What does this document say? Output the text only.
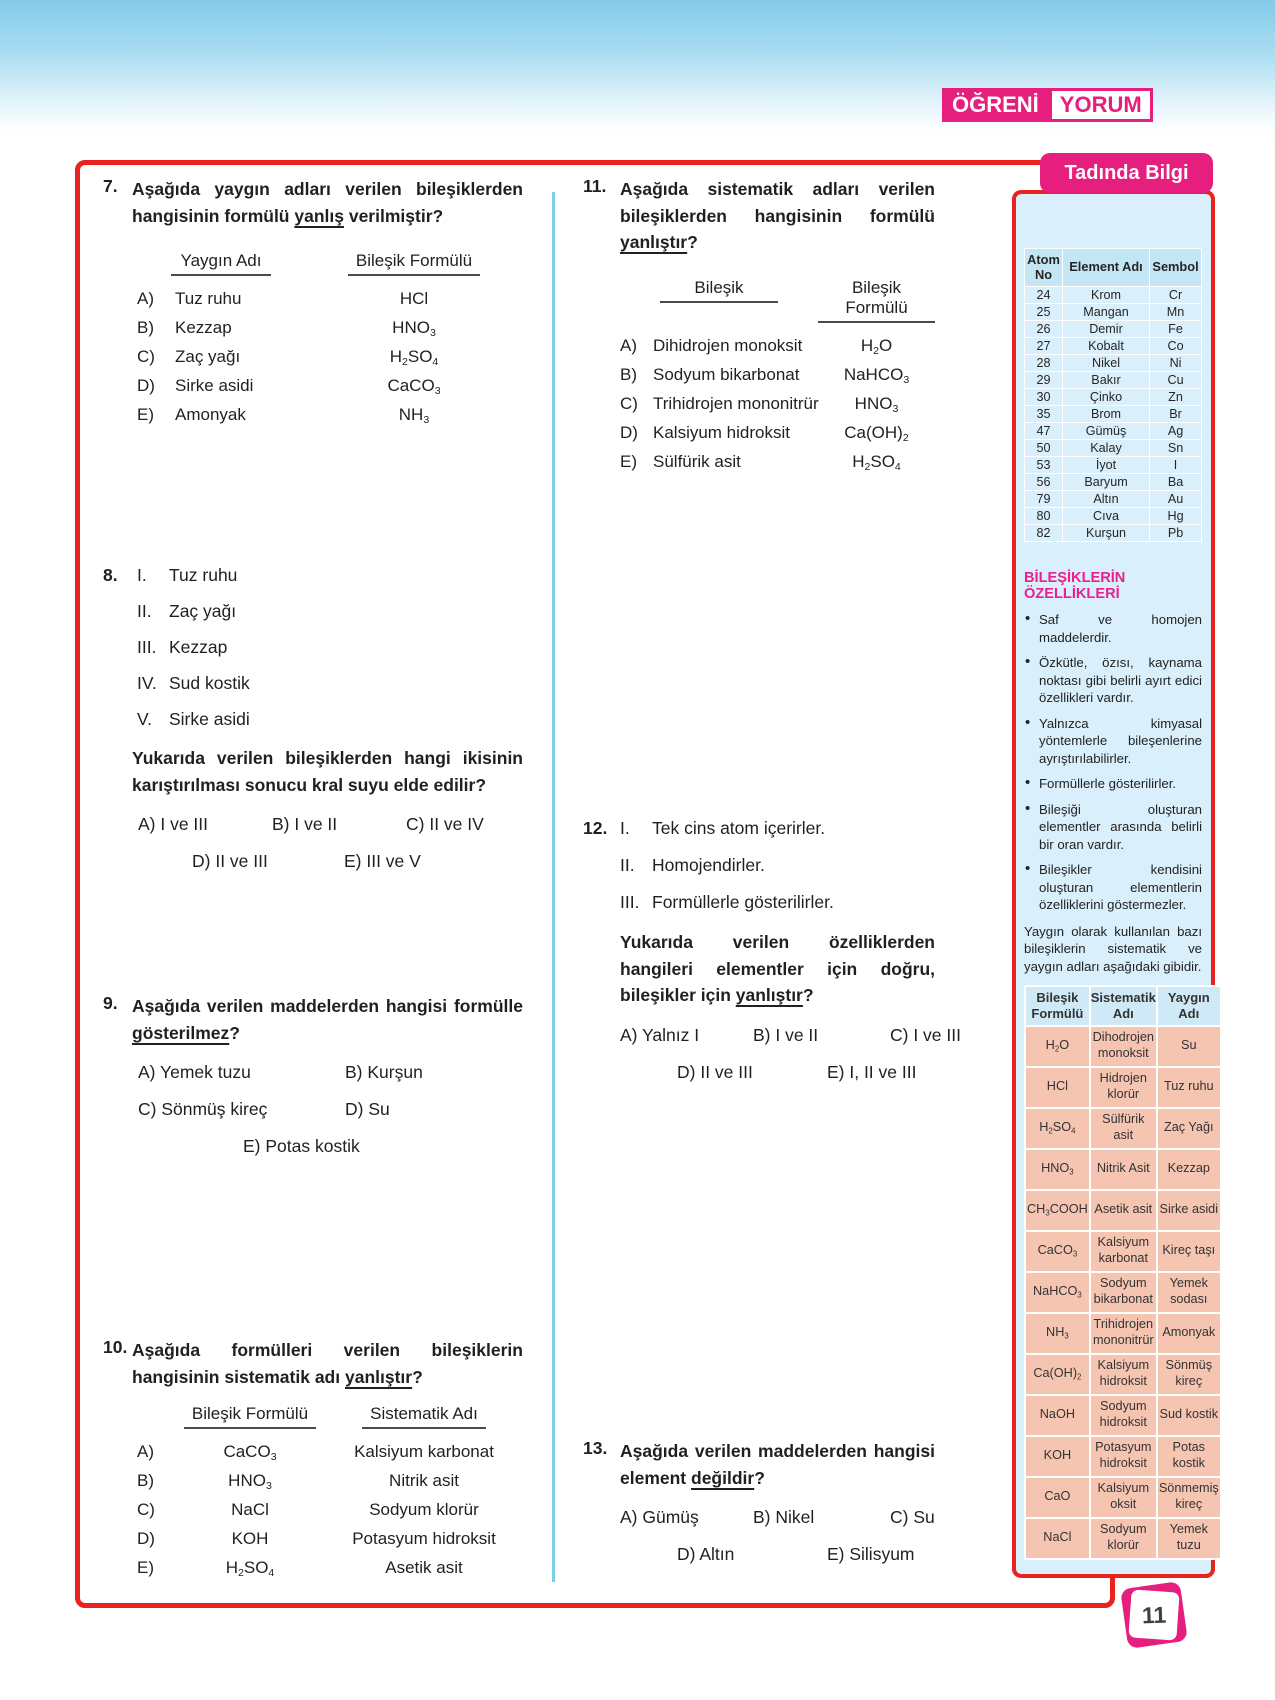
ÖĞRENİ YORUM
7. Aşağıda yaygın adları verilen bileşiklerden hangisinin formülü yanlış verilmiştir?

Yaygın Adı	Bileşik Formülü
A)	Tuz ruhu	HCl
B)	Kezzap	$HNO_3$
C)	Zaç yağı	$H_2SO_4$
D)	Sirke asidi	CaCO$_3$
E)	Amonyak	$NH_3$
8.	I.	Tuz ruhu
II. Zaç yağı
III. Kezzap
IV. Sud kostik
V. Sirke asidi

Yukarıda verilen bileşiklerden hangi ikisinin karıştırılması sonucu kral suyu elde edilir?

A) I ve III	B) I ve II	C) II ve IV
D) II ve III	E) III ve V
9. Aşağıda verilen maddelerden hangisi formülle gösterilmez?

A) Yemek tuzu	B) Kurşun
C) Sönmüş kireç	D) Su
E) Potas kostik
10. Aşağıda formülleri verilen bileşiklerin hangisinin sistematik adı yanlıştır?

Bileşik Formülü	Sistematik Adı
A)	CaCO$_3$	Kalsiyum karbonat
B)	$HNO_3$	Nitrik asit
C)	NaCl	Sodyum klorür
D)	KOH	Potasyum hidroksit
E)	$H_2SO_4$	Asetik asit
11. Aşağıda sistematik adları verilen bileşiklerden hangisinin formülü yanlıştır?

Bileşik	Bileşik Formülü
A) Dihidrojen monoksit	$H_2O$
B) Sodyum bikarbonat	NaHCO$_3$
C) Trihidrojen mononitrür	$HNO_3$
D) Kalsiyum hidroksit	$Ca(OH)_2$
E) Sülfürik asit	$H_2SO_4$
12. I.	Tek cins atom içerirler.
II. Homojendirler.
III. Formüllerle gösterilirler.

Yukarıda verilen özelliklerden hangileri elementler için doğru, bileşikler için yanlıştır?

A) Yalnız I	B) I ve II	C) I ve III
D) II ve III	E) I, II ve III
13. Aşağıda verilen maddelerden hangisi element değildir?

A) Gümüş	B) Nikel	C) Su
D) Altın	E) Silisyum
Tadında Bilgi
Atom No	Element Adı	Sembol
24	Krom	Cr
25	Mangan	Mn
26	Demir	Fe
27	Kobalt	Co
28	Nikel	Ni
29	Bakır	Cu
30	Çinko	Zn
35	Brom	Br
47	Gümüş	Ag
50	Kalay	Sn
53	İyot	I
56	Baryum	Ba
79	Altın	Au
80	Cıva	Hg
82	Kurşun	Pb
BİLEŞİKLERİN ÖZELLİKLERİ
• Saf ve homojen maddelerdir.
• Özkütle, özısı, kaynama noktası gibi belirli ayırt edici özellikleri vardır.
• Yalnızca kimyasal yöntemlerle bileşenlerine ayrıştırılabilirler.
• Formüllerle gösterilirler.
• Bileşiği oluşturan elementler arasında belirli bir oran vardır.
• Bileşikler kendisini oluşturan elementlerin özelliklerini göstermezler.

Yaygın olarak kullanılan bazı bileşiklerin sistematik ve yaygın adları aşağıdaki gibidir.

Bileşik Formülü	Sistematik Adı	Yaygın Adı
$H_2O$	Dihodrojen monoksit	Su
HCl	Hidrojen klorür	Tuz ruhu
$H_2SO_4$	Sülfürik asit	Zaç Yağı
$HNO_3$	Nitrik Asit	Kezzap
$CH_3COOH$	Asetik asit	Sirke asidi
CaCO$_3$	Kalsiyum karbonat	Kireç taşı
NaHCO$_3$	Sodyum bikarbonat	Yemek sodası
$NH_3$	Trihidrojen mononitrür	Amonyak
$Ca(OH)_2$	Kalsiyum hidroksit	Sönmüş kireç
NaOH	Sodyum hidroksit	Sud kostik
KOH	Potasyum hidroksit	Potas kostik
CaO	Kalsiyum oksit	Sönmemiş kireç
NaCl	Sodyum klorür	Yemek tuzu
11
